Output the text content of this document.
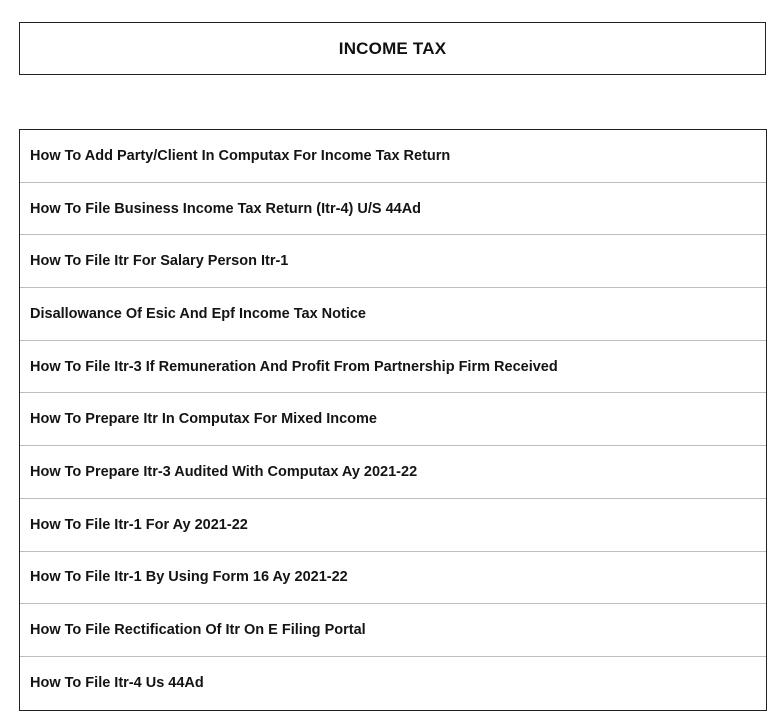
INCOME TAX
How To Add Party/Client In Computax For Income Tax Return
How To File Business Income Tax Return (Itr-4) U/S 44Ad
How To File Itr For Salary Person Itr-1
Disallowance Of Esic And Epf Income Tax Notice
How To File Itr-3 If Remuneration And Profit From Partnership Firm Received
How To Prepare Itr In Computax For Mixed Income
How To Prepare Itr-3 Audited With Computax Ay 2021-22
How To File Itr-1 For Ay 2021-22
How To File Itr-1 By Using Form 16 Ay 2021-22
How To File Rectification Of Itr On E Filing Portal
How To File Itr-4 Us 44Ad
